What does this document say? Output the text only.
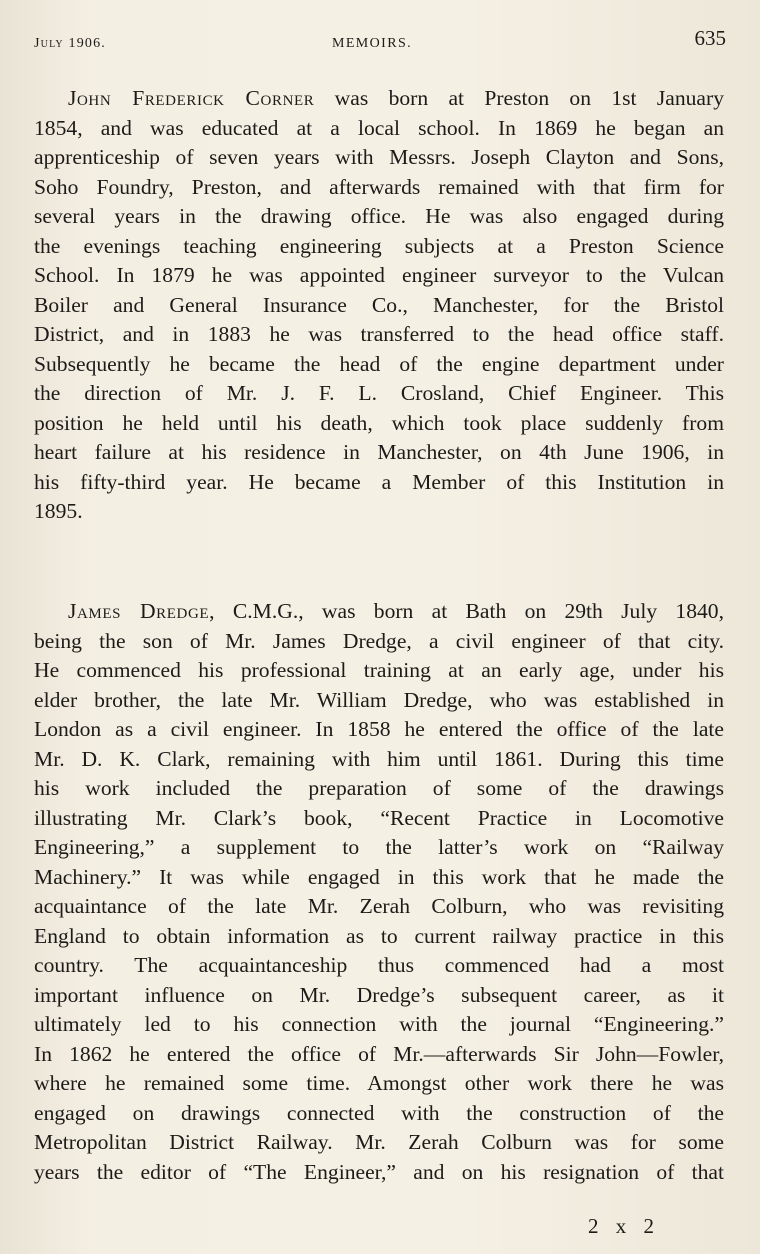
July 1906.	MEMOIRS.	635
John Frederick Corner was born at Preston on 1st January
1854, and was educated at a local school. In 1869 he began an
apprenticeship of seven years with Messrs. Joseph Clayton and Sons,
Soho Foundry, Preston, and afterwards remained with that firm for
several years in the drawing office. He was also engaged during
the evenings teaching engineering subjects at a Preston Science
School. In 1879 he was appointed engineer surveyor to the Vulcan
Boiler and General Insurance Co., Manchester, for the Bristol
District, and in 1883 he was transferred to the head office staff.
Subsequently he became the head of the engine department under
the direction of Mr. J. F. L. Crosland, Chief Engineer. This
position he held until his death, which took place suddenly from
heart failure at his residence in Manchester, on 4th June 1906, in
his fifty-third year. He became a Member of this Institution in
1895.
James Dredge, C.M.G., was born at Bath on 29th July 1840,
being the son of Mr. James Dredge, a civil engineer of that city.
He commenced his professional training at an early age, under his
elder brother, the late Mr. William Dredge, who was established in
London as a civil engineer. In 1858 he entered the office of the late
Mr. D. K. Clark, remaining with him until 1861. During this time
his work included the preparation of some of the drawings
illustrating Mr. Clark’s book, “Recent Practice in Locomotive
Engineering,” a supplement to the latter’s work on “Railway
Machinery.” It was while engaged in this work that he made the
acquaintance of the late Mr. Zerah Colburn, who was revisiting
England to obtain information as to current railway practice in this
country. The acquaintanceship thus commenced had a most
important influence on Mr. Dredge’s subsequent career, as it
ultimately led to his connection with the journal “Engineering.”
In 1862 he entered the office of Mr.—afterwards Sir John—Fowler,
where he remained some time. Amongst other work there he was
engaged on drawings connected with the construction of the
Metropolitan District Railway. Mr. Zerah Colburn was for some
years the editor of “The Engineer,” and on his resignation of that
2 x 2
